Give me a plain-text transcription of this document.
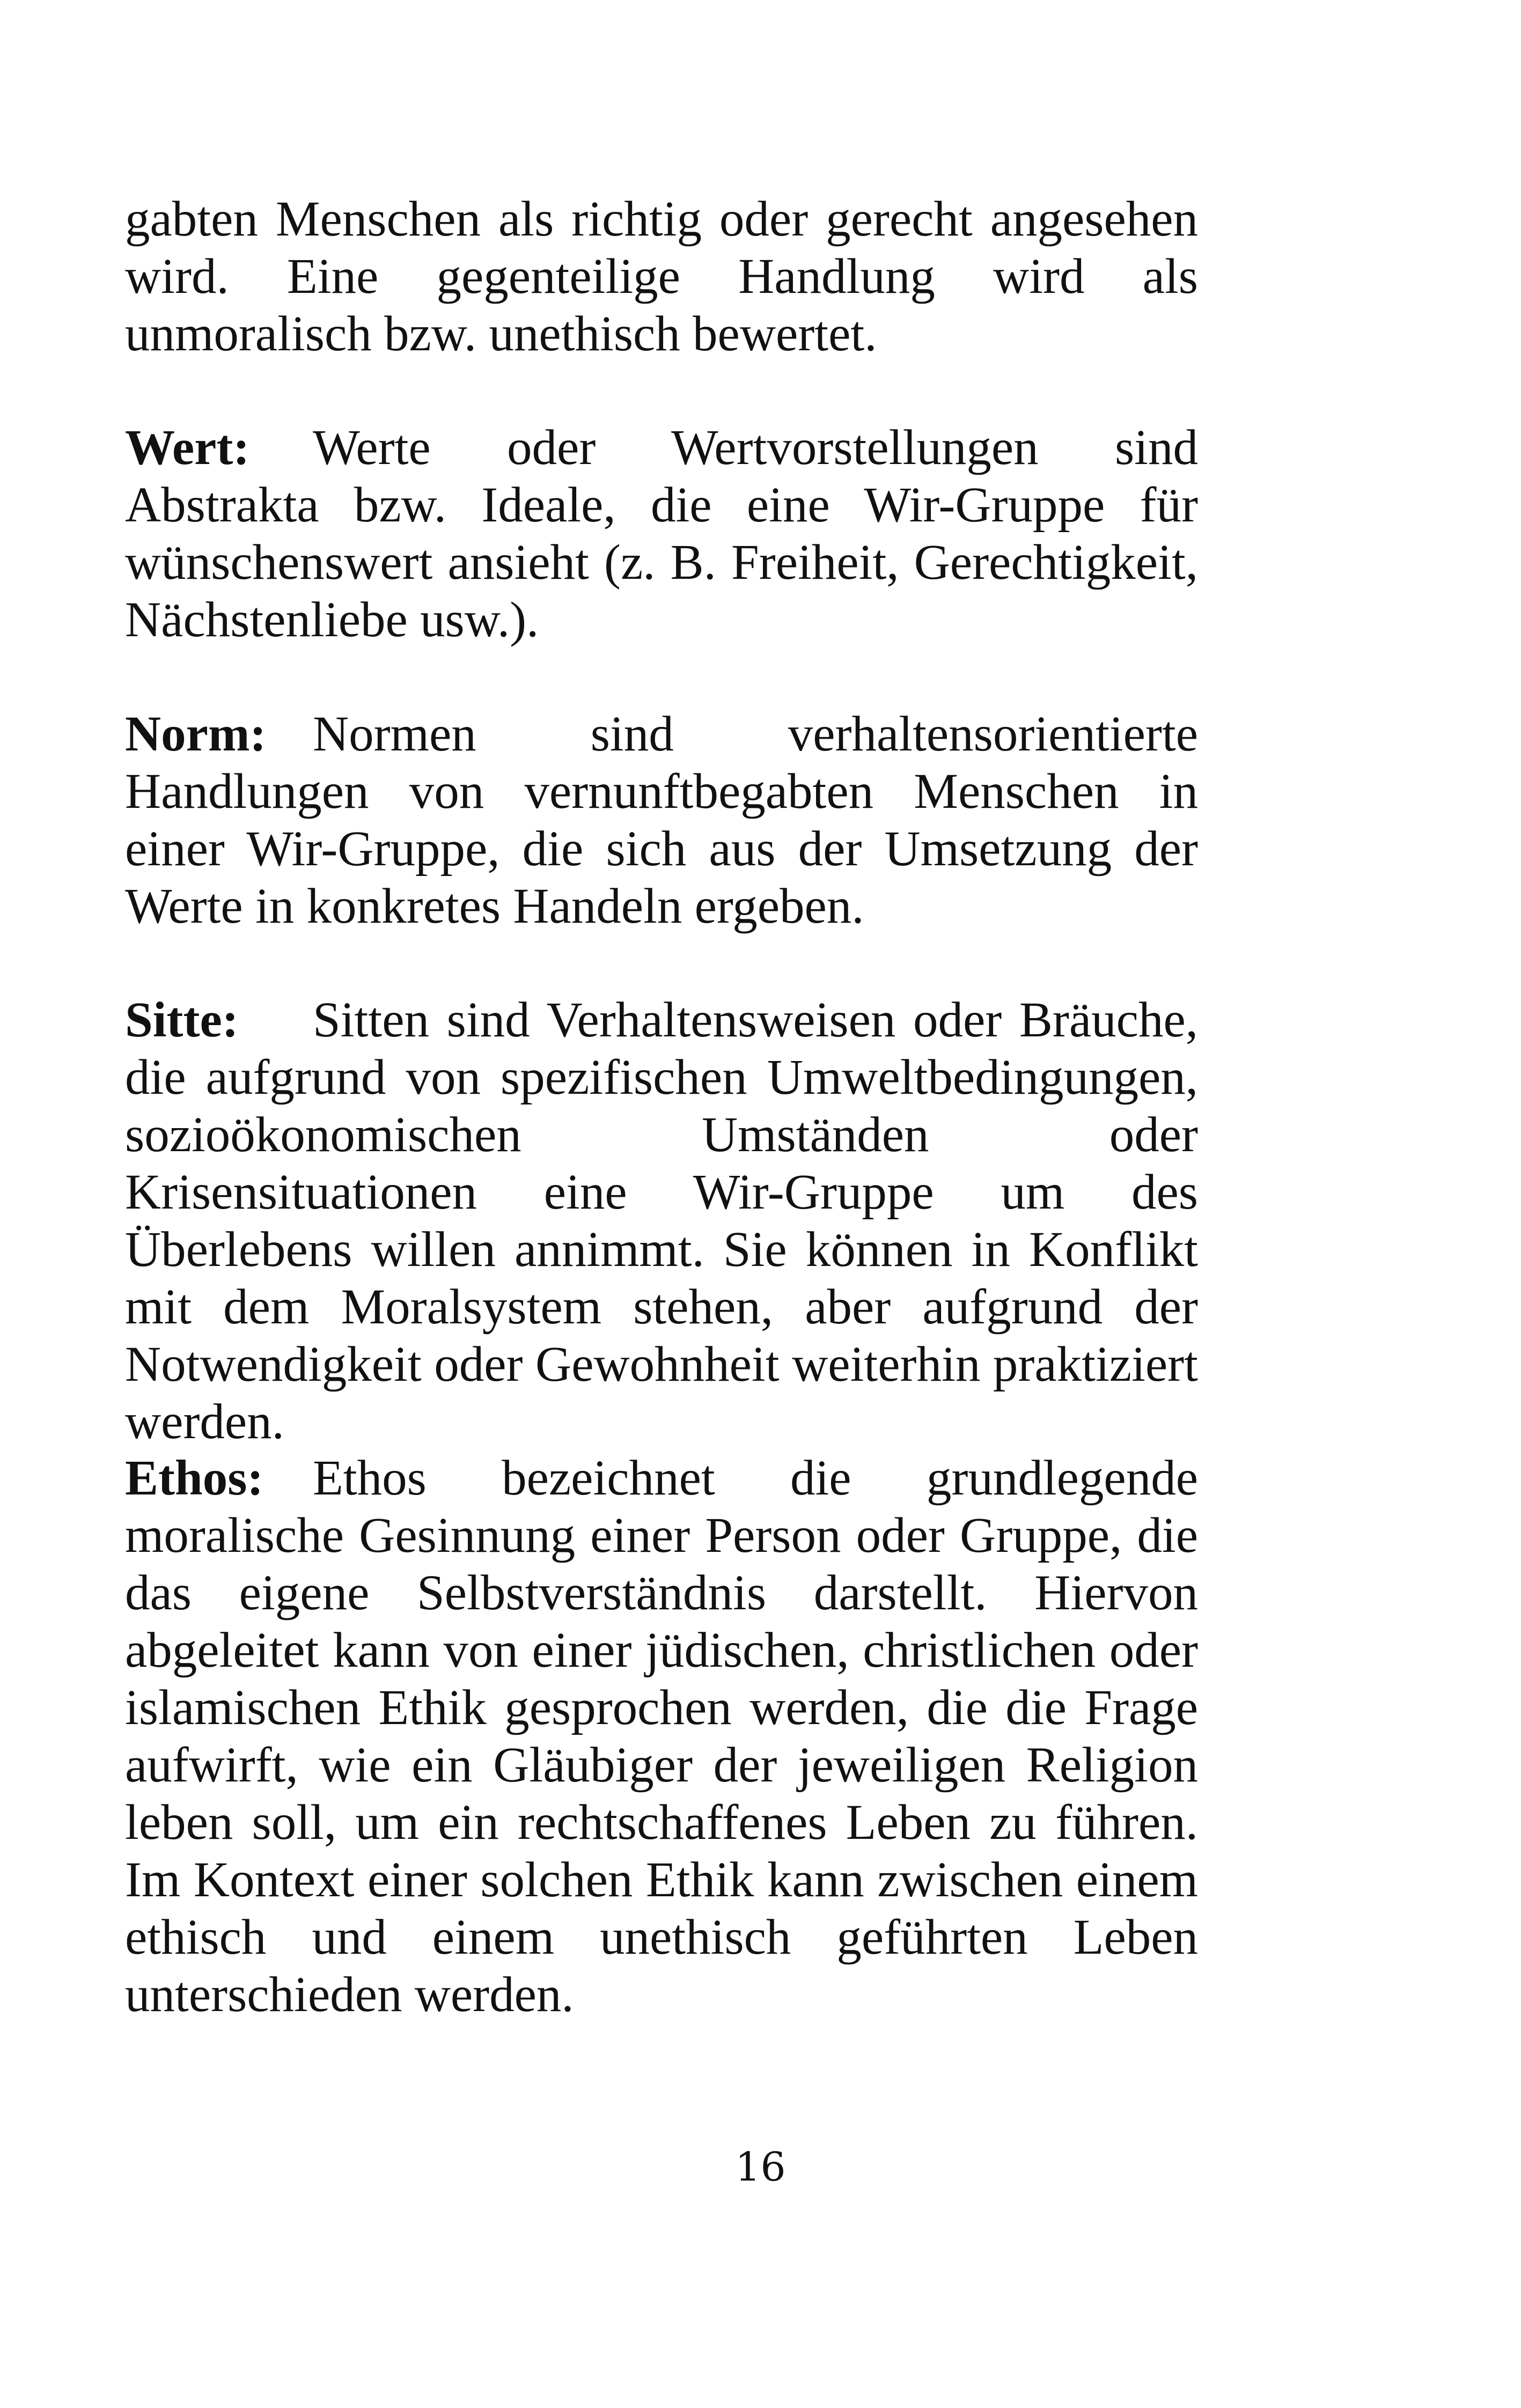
gabten Menschen als richtig oder gerecht angesehen wird. Eine gegenteilige Handlung wird als unmoralisch bzw. unethisch bewertet.

Wert: Werte oder Wertvorstellungen sind Abstrakta bzw. Ideale, die eine Wir-Gruppe für wünschenswert ansieht (z. B. Freiheit, Gerechtigkeit, Nächstenliebe usw.).

Norm: Normen sind verhaltensorientierte Handlungen von vernunftbegabten Menschen in einer Wir-Gruppe, die sich aus der Umsetzung der Werte in konkretes Handeln ergeben.

Sitte: Sitten sind Verhaltensweisen oder Bräuche, die aufgrund von spezifischen Umweltbedingungen, sozioökonomischen Umständen oder Krisensituationen eine Wir-Gruppe um des Überlebens willen annimmt. Sie können in Konflikt mit dem Moralsystem stehen, aber aufgrund der Notwendigkeit oder Gewohnheit weiterhin praktiziert werden.

Ethos: Ethos bezeichnet die grundlegende moralische Gesinnung einer Person oder Gruppe, die das eigene Selbstverständnis darstellt. Hiervon abgeleitet kann von einer jüdischen, christlichen oder islamischen Ethik gesprochen werden, die die Frage aufwirft, wie ein Gläubiger der jeweiligen Religion leben soll, um ein rechtschaffenes Leben zu führen. Im Kontext einer solchen Ethik kann zwischen einem ethisch und einem unethisch geführten Leben unterschieden werden.

16
